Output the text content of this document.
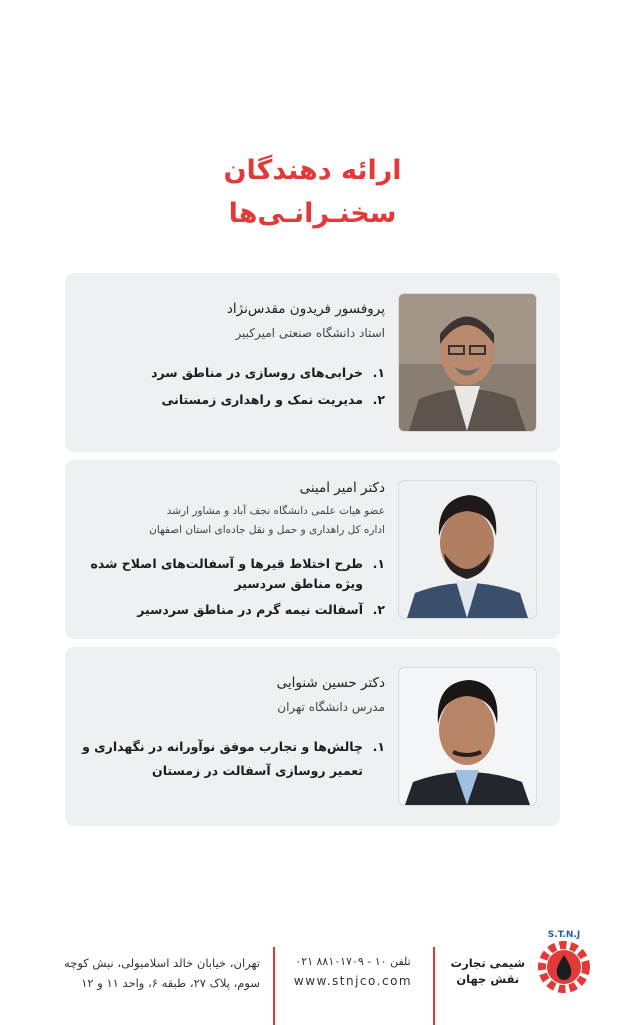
ارائه دهندگان
سخنـرانـی‌ها
پروفسور فریدون مقدس‌نژاد
استاد دانشگاه صنعتی امیرکبیر
۱.
خرابی‌های روسازی در مناطق سرد
۲.
مدیریت نمک و راهداری زمستانی
دکتر امیر امینی
عضو هیات علمی دانشگاه نجف آباد و مشاور ارشد
اداره کل راهداری و حمل و نقل جاده‌ای استان اصفهان
۱.
طرح اختلاط قیرها و آسفالت‌های اصلاح شده ویژه مناطق سردسیر
۲.
آسفالت نیمه گرم در مناطق سردسیر
دکتر حسین شنوایی
مدرس دانشگاه تهران
۱.
چالش‌ها و تجارب موفق نوآورانه در نگهداری و تعمیر روسازی آسفالت در زمستان
S.T.N.J
شیمی تجارت
نقش جهان
تلفن ۱۰ - ۸۸۱۰۱۷۰۹ ۰۲۱
www.stnjco.com
تهران، خیابان خالد اسلامبولی، نبش کوچه
سوم، پلاک ۲۷، طبقه ۶، واحد ۱۱ و ۱۲
